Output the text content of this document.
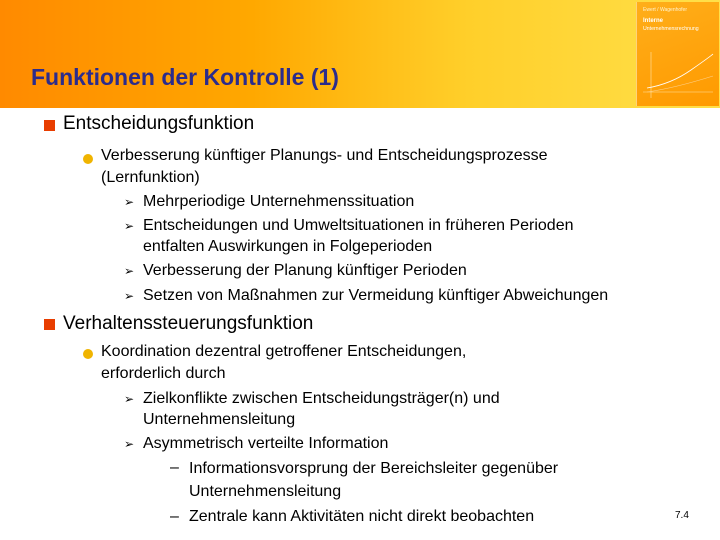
Funktionen der Kontrolle (1)
Ewert / Wagenhofer
Interne
Unternehmensrechnung
Entscheidungsfunktion
Verbesserung künftiger Planungs- und Entscheidungsprozesse
(Lernfunktion)
➢ Mehrperiodige Unternehmenssituation
➢ Entscheidungen und Umweltsituationen in früheren Perioden
entfalten Auswirkungen in Folgeperioden
➢ Verbesserung der Planung künftiger Perioden
➢ Setzen von Maßnahmen zur Vermeidung künftiger Abweichungen
Verhaltenssteuerungsfunktion
Koordination dezentral getroffener Entscheidungen,
erforderlich durch
➢ Zielkonflikte zwischen Entscheidungsträger(n) und
Unternehmensleitung
➢ Asymmetrisch verteilte Information
– Informationsvorsprung der Bereichsleiter gegenüber
Unternehmensleitung
– Zentrale kann Aktivitäten nicht direkt beobachten	7.4
